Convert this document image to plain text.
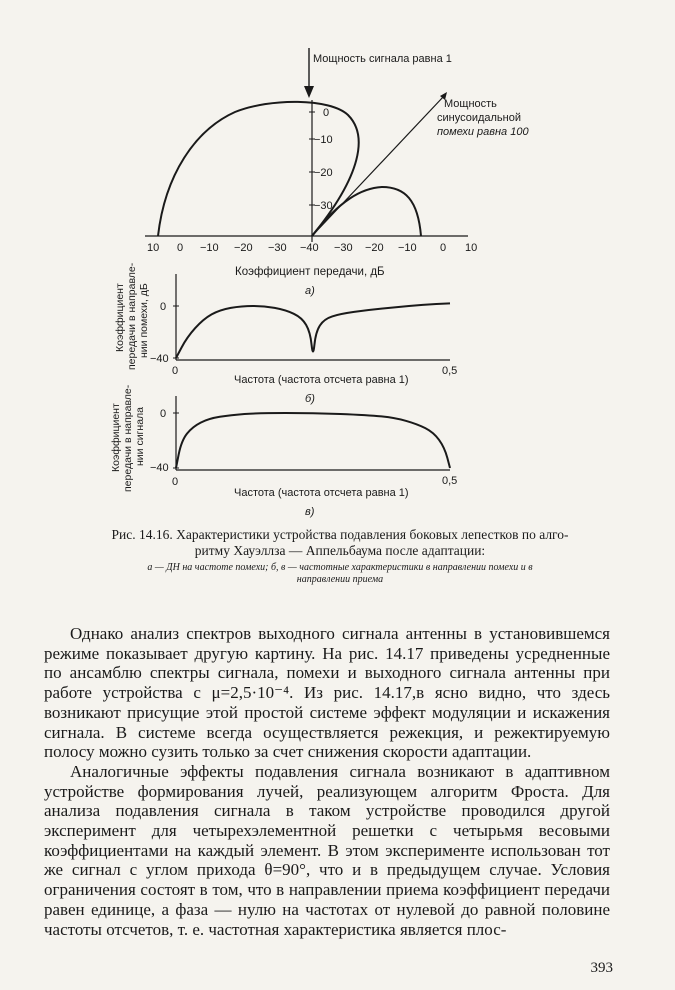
Мощность сигнала равна 1
0
−10
−20
−30
Мощность
синусоидальной
помехи равна 100
10 0 −10 −20 −30 −40 −30 −20 −10 0 10
Коэффициент передачи, дБ
а)
Коэффициент передачи в направле- нии помехи, дБ 0
−40
0	0,5
Частота (частота отсчета равна 1)
б)
Коэффициент передачи в направле- нии сигнала 0
−40
0	0,5
Частота (частота отсчета равна 1)
в)
Рис. 14.16. Характеристики устройства подавления боковых лепестков по алго-
ритму Хауэллза — Аппельбаума после адаптации:
а — ДН на частоте помехи; б, в — частотные характеристики в направлении помехи и в
направлении приема

Однако анализ спектров выходного сигнала антенны в установившемся режиме показывает другую картину. На рис. 14.17 приведены усредненные по ансамблю спектры сигнала, помехи и выходного сигнала антенны при работе устройства с μ=2,5·10⁻⁴. Из рис. 14.17,в ясно видно, что здесь возникают присущие этой простой системе эффект модуляции и искажения сигнала. В системе всегда осуществляется режекция, и режектируемую полосу можно сузить только за счет снижения скорости адаптации.

Аналогичные эффекты подавления сигнала возникают в адаптивном устройстве формирования лучей, реализующем алгоритм Фроста. Для анализа подавления сигнала в таком устройстве проводился другой эксперимент для четырехэлементной решетки с четырьмя весовыми коэффициентами на каждый элемент. В этом эксперименте использован тот же сигнал с углом прихода θ=90°, что и в предыдущем случае. Условия ограничения состоят в том, что в направлении приема коэффициент передачи равен единице, а фаза — нулю на частотах от нулевой до равной половине частоты отсчетов, т. е. частотная характеристика является плос-

393
